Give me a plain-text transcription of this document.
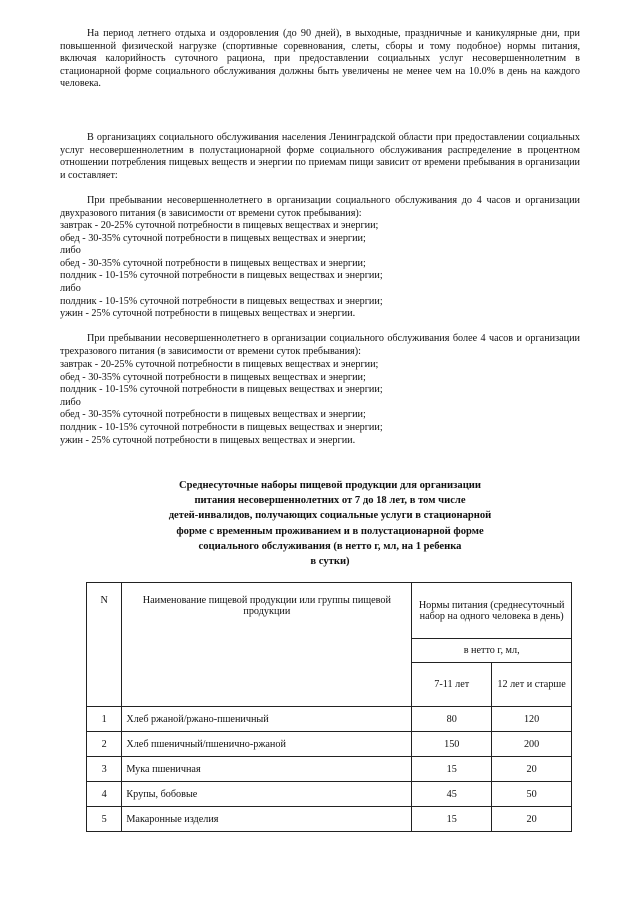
На период летнего отдыха и оздоровления (до 90 дней), в выходные, праздничные и каникулярные дни, при повышенной физической нагрузке (спортивные соревнования, слеты, сборы и тому подобное) нормы питания, включая калорийность суточного рациона, при предоставлении социальных услуг несовершеннолетним в стационарной форме социального обслуживания должны быть увеличены не менее чем на 10.0% в день на каждого человека.

В организациях социального обслуживания населения Ленинградской области при предоставлении социальных услуг несовершеннолетним в полустационарной форме социального обслуживания распределение в процентном отношении потребления пищевых веществ и энергии по приемам пищи зависит от времени пребывания в организации и составляет:

При пребывании несовершеннолетнего в организации социального обслуживания до 4 часов и организации двухразового питания (в зависимости от времени суток пребывания):

завтрак - 20-25% суточной потребности в пищевых веществах и энергии;
обед - 30-35% суточной потребности в пищевых веществах и энергии;
либо
обед - 30-35% суточной потребности в пищевых веществах и энергии;
полдник - 10-15% суточной потребности в пищевых веществах и энергии;
либо
полдник - 10-15% суточной потребности в пищевых веществах и энергии;
ужин - 25% суточной потребности в пищевых веществах и энергии.

При пребывании несовершеннолетнего в организации социального обслуживания более 4 часов и организации трехразового питания (в зависимости от времени суток пребывания):

завтрак - 20-25% суточной потребности в пищевых веществах и энергии;
обед - 30-35% суточной потребности в пищевых веществах и энергии;
полдник - 10-15% суточной потребности в пищевых веществах и энергии;
либо
обед - 30-35% суточной потребности в пищевых веществах и энергии;
полдник - 10-15% суточной потребности в пищевых веществах и энергии;
ужин - 25% суточной потребности в пищевых веществах и энергии.
Среднесуточные наборы пищевой продукции для организации
питания несовершеннолетних от 7 до 18 лет, в том числе
детей-инвалидов, получающих социальные услуги в стационарной
форме с временным проживанием и в полустационарной форме
социального обслуживания (в нетто г, мл, на 1 ребенка
в сутки)
N	Наименование пищевой продукции или группы пищевой продукции	Нормы питания (среднесуточный набор на одного человека в день)	
		в нетто г, мл,	
		7-11 лет	12 лет и старше
1	Хлеб ржаной/ржано-пшеничный	80	120
2	Хлеб пшеничный/пшенично-ржаной	150	200
3	Мука пшеничная	15	20
4	Крупы, бобовые	45	50
5	Макаронные изделия	15	20
